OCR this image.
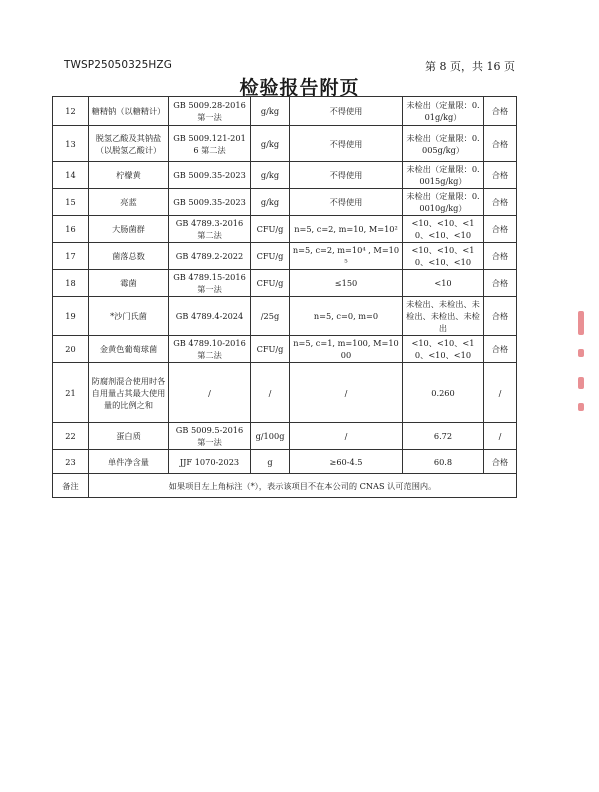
TWSP25050325HZG	第 8 页，共 16 页
检验报告附页
12	糖精钠（以糖精计）	GB 5009.28-2016 第一法	g/kg	不得使用	未检出（定量限：0.01g/kg）	合格
13	脱氢乙酸及其钠盐（以脱氢乙酸计）	GB 5009.121-2016 第二法	g/kg	不得使用	未检出（定量限：0.005g/kg）	合格
14	柠檬黄	GB 5009.35-2023	g/kg	不得使用	未检出（定量限：0.0015g/kg）	合格
15	亮蓝	GB 5009.35-2023	g/kg	不得使用	未检出（定量限：0.0010g/kg）	合格
16	大肠菌群	GB 4789.3-2016 第二法	CFU/g	n=5, c=2, m=10, M=10²	<10、<10、<10、<10、<10	合格
17	菌落总数	GB 4789.2-2022	CFU/g	n=5, c=2, m=10⁴ , M=10⁵	<10、<10、<10、<10、<10	合格
18	霉菌	GB 4789.15-2016 第一法	CFU/g	≤150	<10	合格
19	*沙门氏菌	GB 4789.4-2024	/25g	n=5, c=0, m=0	未检出、未检出、未检出、未检出、未检出	合格
20	金黄色葡萄球菌	GB 4789.10-2016 第二法	CFU/g	n=5, c=1, m=100, M=1000	<10、<10、<10、<10、<10	合格
21	防腐剂混合使用时各自用量占其最大使用量的比例之和	/	/	/	0.260	/
22	蛋白质	GB 5009.5-2016 第一法	g/100g	/	6.72	/
23	单件净含量	JJF 1070-2023	g	≥60-4.5	60.8	合格
备注	如果项目左上角标注（*），表示该项目不在本公司的 CNAS 认可范围内。					
